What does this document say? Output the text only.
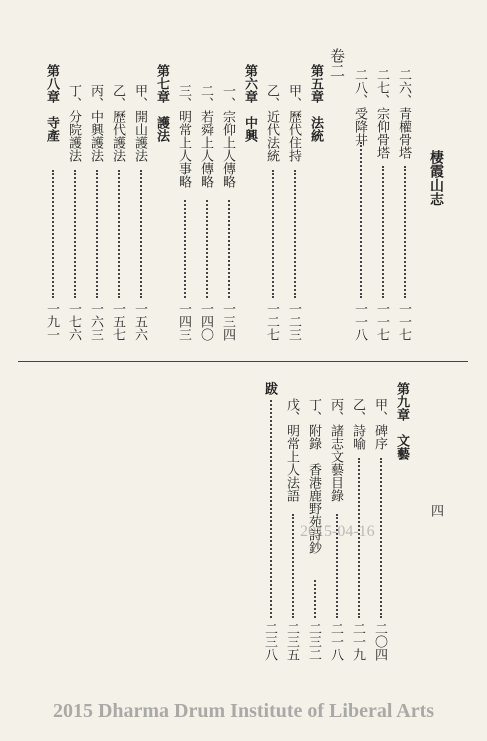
棲霞山志
四
二六、青權骨塔
一一七
二七、宗仰骨塔
一一七
二八、受降井
一一八
卷二
第五章　法統
甲、歷代住持
一二三
乙、近代法統
一二七
第六章　中興
一、宗仰上人傳略
一三四
二、若舜上人傳略
一四〇
三、明常上人事略
一四三
第七章　護法
甲、開山護法
一五六
乙、歷代護法
一五七
丙、中興護法
一六三
丁、分院護法
一七六
第八章　寺產
一九一
第九章　文藝
甲、碑序
二〇四
乙、詩喻
二一九
丙、諸志文藝目錄
二一八
丁、附錄　香港鹿野苑詩鈔
二三二
戊、明常上人法語
二三五
跋
二三八
2015-04-16
2015 Dharma Drum Institute of Liberal Arts
